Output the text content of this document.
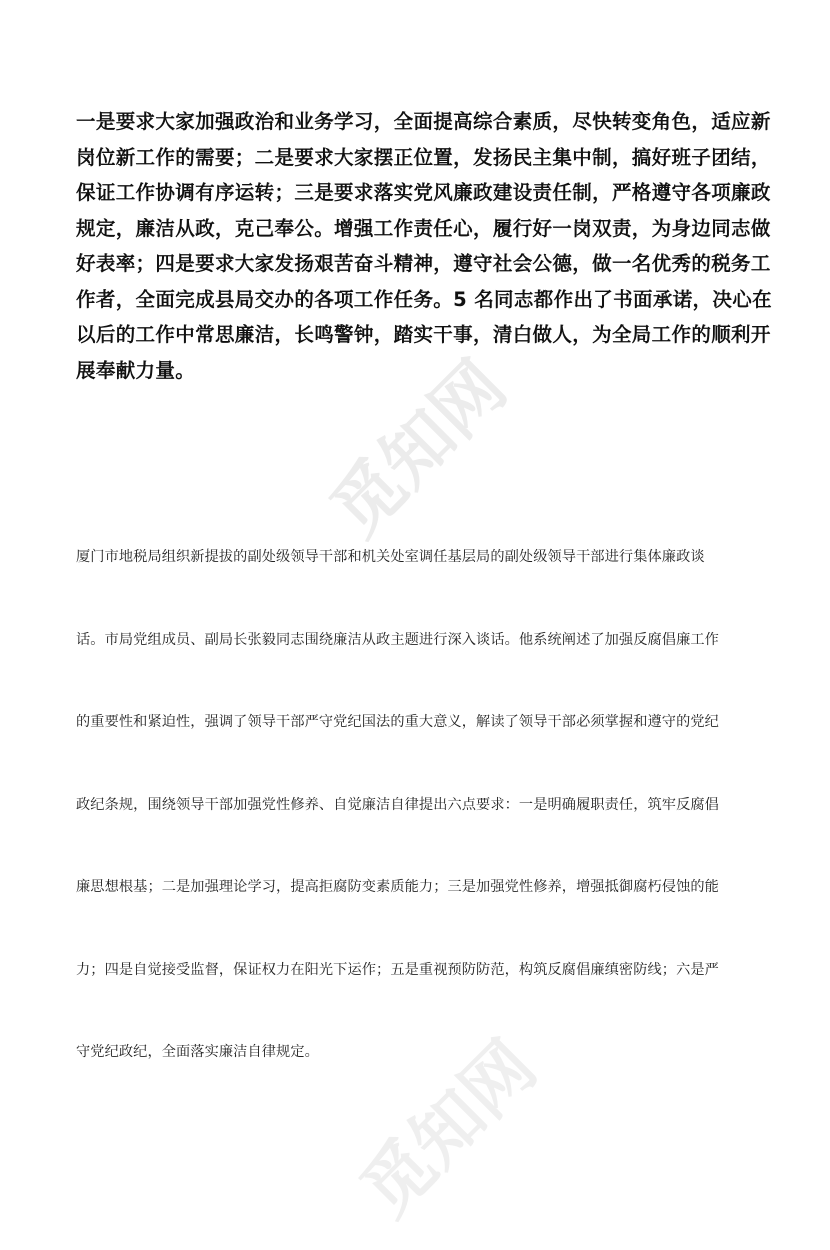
觅知网
觅知网

一是要求大家加强政治和业务学习，全面提高综合素质，尽快转变角色，适应新
岗位新工作的需要；二是要求大家摆正位置，发扬民主集中制，搞好班子团结，
保证工作协调有序运转；三是要求落实党风廉政建设责任制，严格遵守各项廉政
规定，廉洁从政，克己奉公。增强工作责任心，履行好一岗双责，为身边同志做
好表率；四是要求大家发扬艰苦奋斗精神，遵守社会公德，做一名优秀的税务工
作者，全面完成县局交办的各项工作任务。5 名同志都作出了书面承诺，决心在
以后的工作中常思廉洁，长鸣警钟，踏实干事，清白做人，为全局工作的顺利开
展奉献力量。

厦门市地税局组织新提拔的副处级领导干部和机关处室调任基层局的副处级领导干部进行集体廉政谈
话。市局党组成员、副局长张毅同志围绕廉洁从政主题进行深入谈话。他系统阐述了加强反腐倡廉工作
的重要性和紧迫性，强调了领导干部严守党纪国法的重大意义，解读了领导干部必须掌握和遵守的党纪
政纪条规，围绕领导干部加强党性修养、自觉廉洁自律提出六点要求：一是明确履职责任，筑牢反腐倡
廉思想根基；二是加强理论学习，提高拒腐防变素质能力；三是加强党性修养，增强抵御腐朽侵蚀的能
力；四是自觉接受监督，保证权力在阳光下运作；五是重视预防防范，构筑反腐倡廉缜密防线；六是严
守党纪政纪，全面落实廉洁自律规定。
